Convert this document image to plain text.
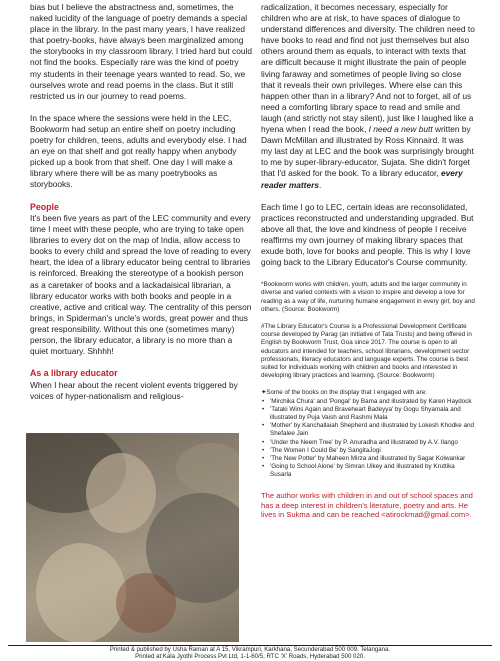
bias but I believe the abstractness and, sometimes, the naked lucidity of the language of poetry demands a special place in the library. In the past many years, I have realized that poetry-books, have always been marginalized among the storybooks in my classroom library. I tried hard but could not find the books. Especially rare was the kind of poetry my students in their teenage years wanted to read. So, we ourselves wrote and read poems in the class. But it still restricted us in our journey to read poems.

In the space where the sessions were held in the LEC, Bookworm had setup an entire shelf on poetry including poetry for children, teens, adults and everybody else. I had an eye on that shelf and got really happy when anybody picked up a book from that shelf. One day I will make a library where there will be as many poetrybooks as storybooks.

People

It's been five years as part of the LEC community and every time I meet with these people, who are trying to take open libraries to every dot on the map of India, allow access to books to every child and spread the love of reading to every heart, the idea of a library educator being central to libraries is reinforced. Breaking the stereotype of a bookish person as a caretaker of books and a lackadaisical librarian, a library educator works with both books and people in a creative, active and critical way. The centrality of this person brings, in Spiderman's uncle's words, great power and thus great responsibility. Without this one (sometimes many) person, the library educator, a library is no more than a quiet mortuary. Shhhh!

As a library educator

When I hear about the recent violent events triggered by voices of hyper-nationalism and religious-

radicalization, it becomes necessary, especially for children who are at risk, to have spaces of dialogue to understand differences and diversity. The children need to have books to read and find not just themselves but also others around them as equals, to interact with texts that are difficult because it might illustrate the pain of people living faraway and sometimes of people living so close that it reveals their own privileges. Where else can this happen other than in a library? And not to forget, all of us need a comforting library space to read and smile and laugh (and strictly not stay silent), just like I laughed like a hyena when I read the book, I need a new butt written by Dawn McMillan and illustrated by Ross Kinnaird. It was my last day at LEC and the book was surprisingly brought to me by super-library-educator, Sujata. She didn't forget that I'd asked for the book. To a library educator, every reader matters.

Each time I go to LEC, certain ideas are reconsolidated, practices reconstructed and understanding upgraded. But above all that, the love and kindness of people I receive reaffirms my own journey of making library spaces that exude both, love for books and people. This is why I love going back to the Library Educator's Course community.

*Bookworm works with children, youth, adults and the larger community in diverse and varied contexts with a vision to inspire and develop a love for reading as a way of life, nurturing humane engagement in every girl, boy and others. (Source: Bookworm)

#The Library Educator's Course is a Professional Development Certificate course developed by Parag (an initiative of Tata Trusts) and being offered in English by Bookworm Trust, Goa since 2017. The course is open to all educators and intended for teachers, school librarians, development sector professionals, literacy educators and language experts. The course is best suited for individuals working with children and books and interested in developing library practices and learning. (Source: Bookworm)

✦Some of the books on the display that I engaged with are:

• 'Mirchika Chura' and 'Pongal' by Bama and illustrated by Karen Haydock
• 'Tataki Wins Again and Braveheart Badeyya' by Gogu Shyamala and illustrated by Puja Vaish and Rashmi Mala
• 'Mother' by Kanchallaiah Shepherd and illustrated by Lokesh Khodke and Shefalee Jain
• 'Under the Neem Tree' by P. Anuradha and illustrated by A.V. Ilango
• 'The Women I Could Be' by SangitaJogi
• 'The New Potter' by Maheen Mirza and illustrated by Sagar Kolwankar
• 'Going to School Alone' by Simran Uikey and illustrated by Kruttika Susarla

The author works with children in and out of school spaces and has a deep interest in children's literature, poetry and arts. He lives in Sukma and can be reached <atirockmad@gmail.com>.

Printed & published by Usha Raman at A 15, Vikrampuri, Karkhana, Secunderabad 500 009. Telangana.
Printed at Kala Jyothi Process Pvt Ltd, 1-1-60/5, RTC 'X' Roads, Hyderabad 500 020.
